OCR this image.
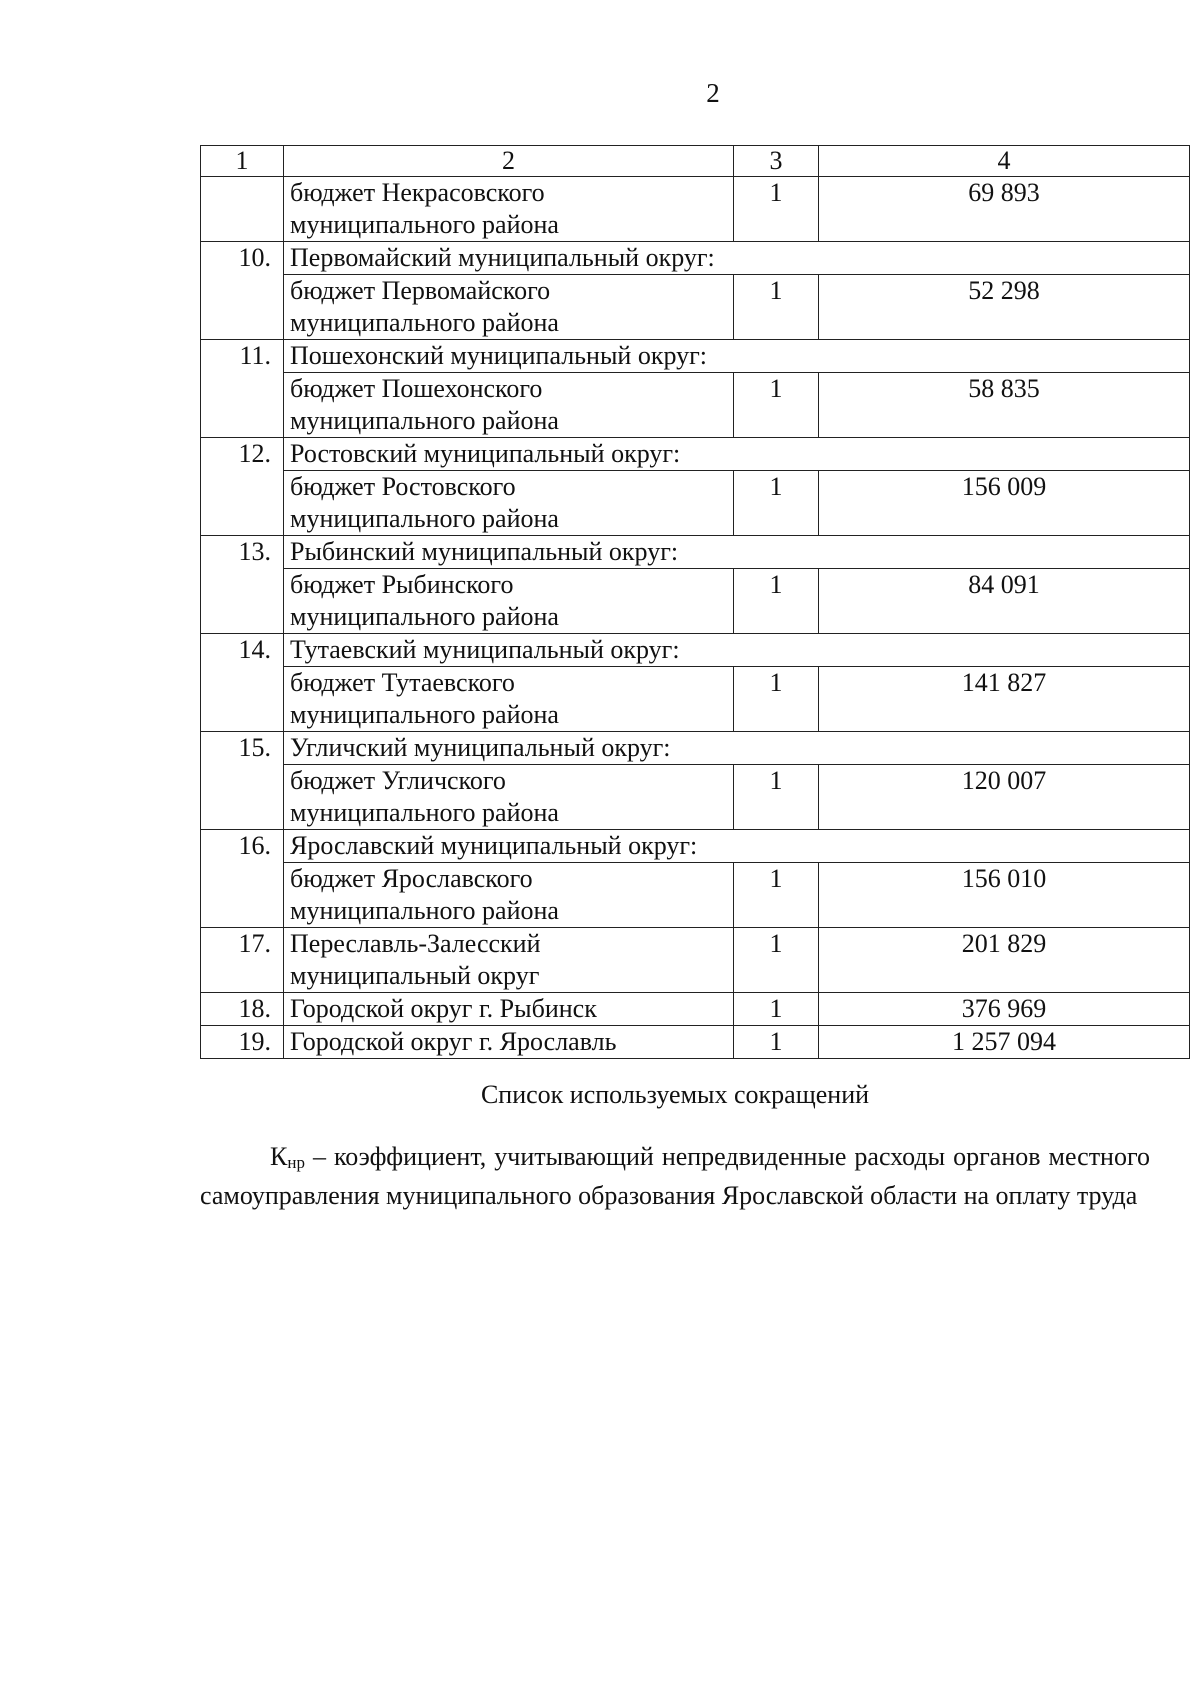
2
1	2	3	4

	бюджет Некрасовского
муниципального района	1	69 893
10.	Первомайский муниципальный округ:		

	бюджет Первомайского
муниципального района	1	52 298
11.	Пошехонский муниципальный округ:		

	бюджет Пошехонского
муниципального района	1	58 835
12.	Ростовский муниципальный округ:		

	бюджет Ростовского
муниципального района	1	156 009
13.	Рыбинский муниципальный округ:		

	бюджет Рыбинского
муниципального района	1	84 091
14.	Тутаевский муниципальный округ:		

	бюджет Тутаевского
муниципального района	1	141 827
15.	Угличский муниципальный округ:		

	бюджет Угличского
муниципального района	1	120 007
16.	Ярославский муниципальный округ:		

	бюджет Ярославского
муниципального района	1	156 010
17.	Переславль-Залесский
муниципальный округ	1	201 829
18.	Городской округ г. Рыбинск	1	376 969
19.	Городской округ г. Ярославль	1	1 257 094
Список используемых сокращений

$К_{нр}$ – коэффициент, учитывающий непредвиденные расходы органов местного самоуправления муниципального образования Ярославской области на оплату труда
